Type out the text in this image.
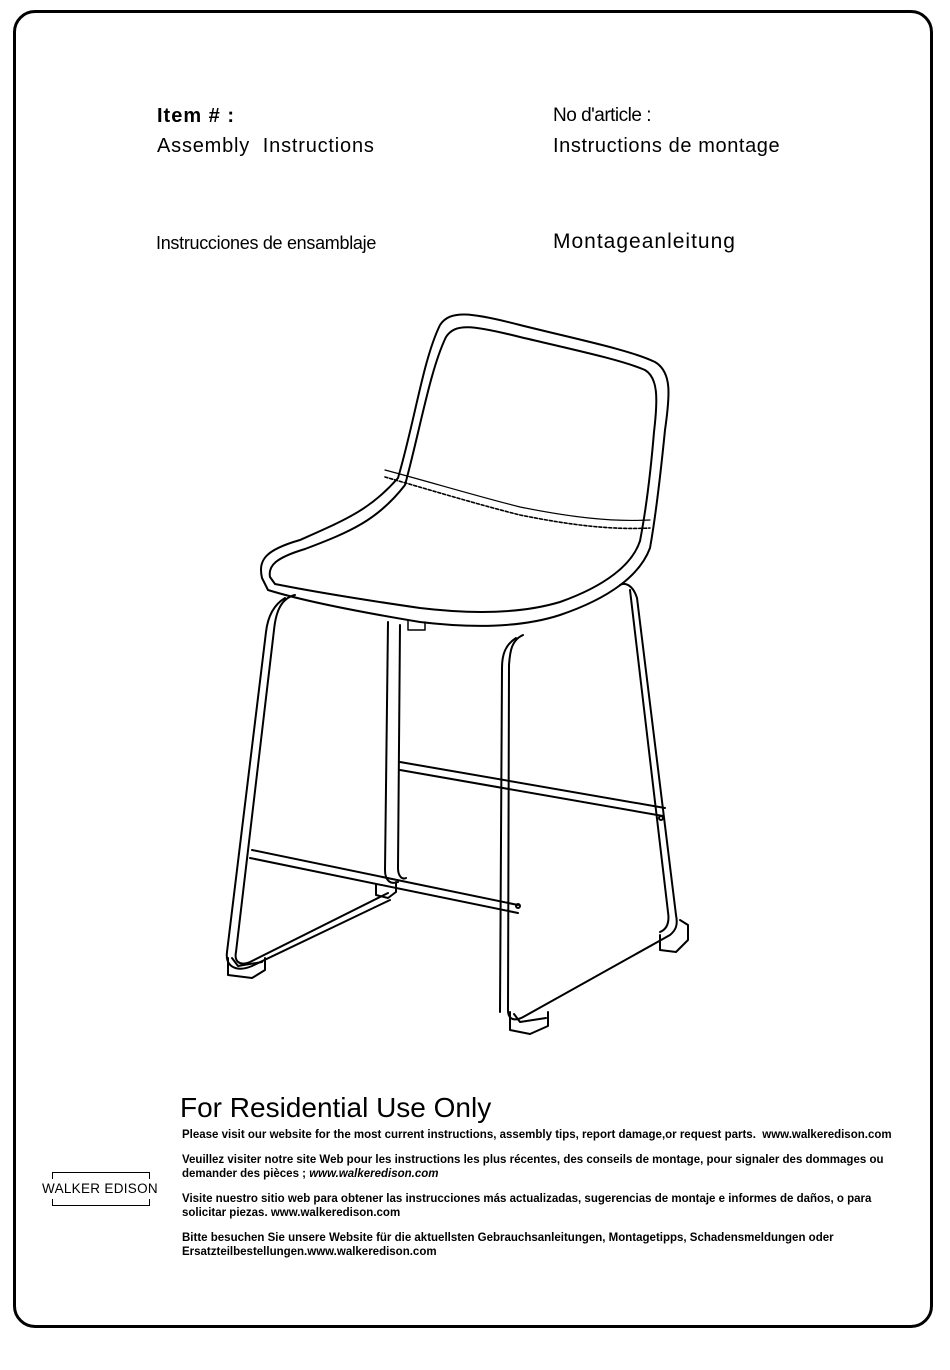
Item # :	No d'article :
Assembly  Instructions	Instructions de montage
Instrucciones de ensamblaje	Montageanleitung
For Residential Use Only
WALKER EDISON
Please visit our website for the most current instructions, assembly tips, report damage,or request parts. www.walkeredison.com
Veuillez visiter notre site Web pour les instructions les plus récentes, des conseils de montage, pour signaler des dommages ou demander des pièces ; www.walkeredison.com
Visite nuestro sitio web para obtener las instrucciones más actualizadas, sugerencias de montaje e informes de daños, o para solicitar piezas. www.walkeredison.com
Bitte besuchen Sie unsere Website für die aktuellsten Gebrauchsanleitungen, Montagetipps, Schadensmeldungen oder Ersatzteilbestellungen.www.walkeredison.com
